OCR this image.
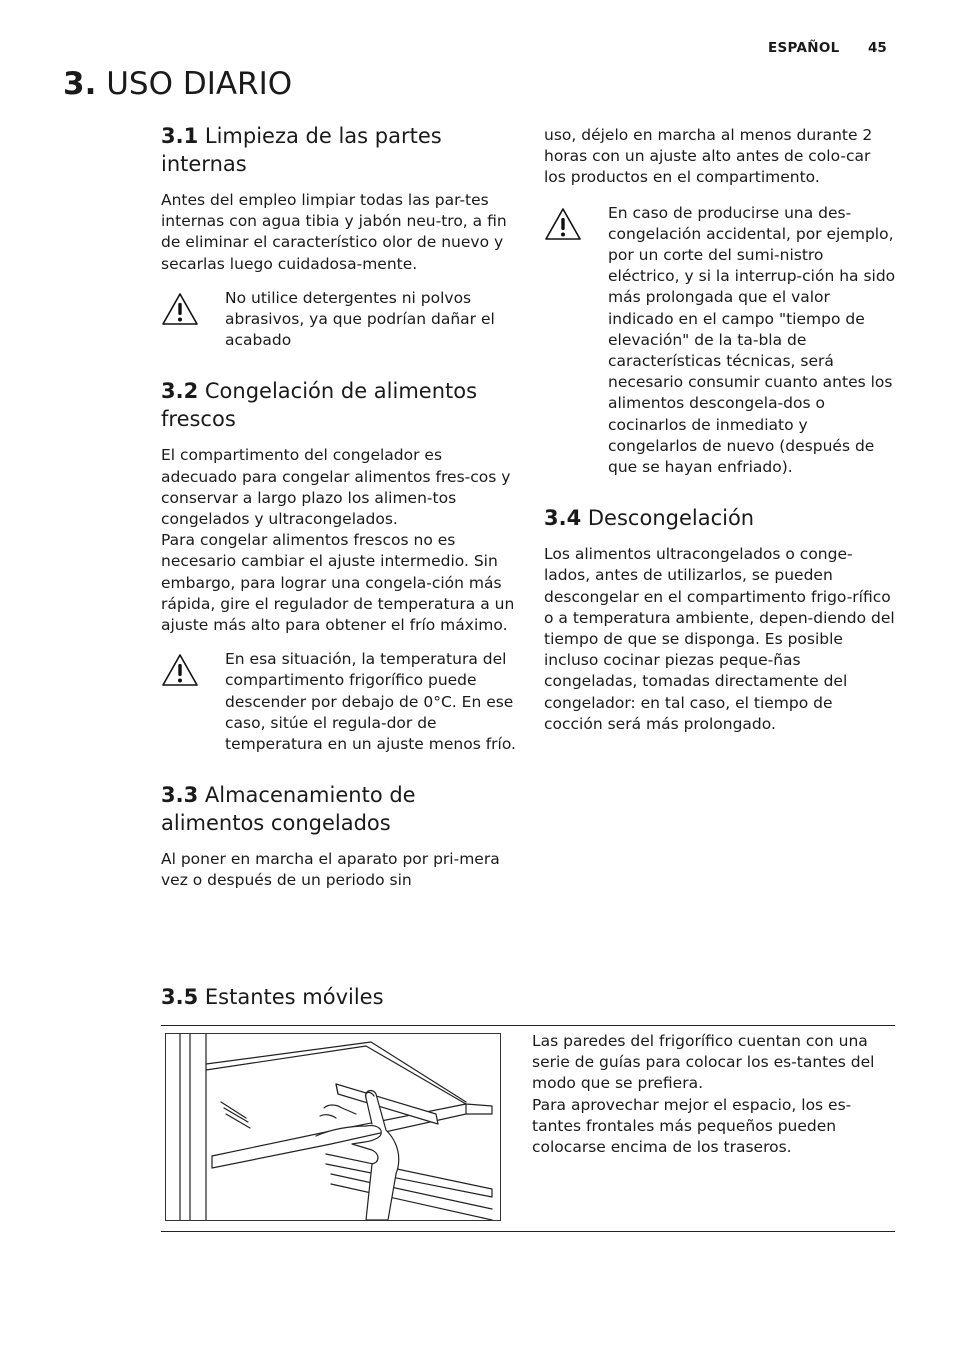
ESPAÑOL 45
3. USO DIARIO
3.1 Limpieza de las partes internas

Antes del empleo limpiar todas las par-tes internas con agua tibia y jabón neu-tro, a fin de eliminar el característico olor de nuevo y secarlas luego cuidadosa-mente.

No utilice detergentes ni polvos abrasivos, ya que podrían dañar el acabado

3.2 Congelación de alimentos frescos

El compartimento del congelador es adecuado para congelar alimentos fres-cos y conservar a largo plazo los alimen-tos congelados y ultracongelados.

Para congelar alimentos frescos no es necesario cambiar el ajuste intermedio. Sin embargo, para lograr una congela-ción más rápida, gire el regulador de temperatura a un ajuste más alto para obtener el frío máximo.

En esa situación, la temperatura del compartimento frigorífico puede descender por debajo de 0°C. En ese caso, sitúe el regula-dor de temperatura en un ajuste menos frío.

3.3 Almacenamiento de alimentos congelados

Al poner en marcha el aparato por pri-mera vez o después de un periodo sin

uso, déjelo en marcha al menos durante 2 horas con un ajuste alto antes de colo-car los productos en el compartimento.

En caso de producirse una des-congelación accidental, por ejemplo, por un corte del sumi-nistro eléctrico, y si la interrup-ción ha sido más prolongada que el valor indicado en el campo "tiempo de elevación" de la ta-bla de características técnicas, será necesario consumir cuanto antes los alimentos descongela-dos o cocinarlos de inmediato y congelarlos de nuevo (después de que se hayan enfriado).

3.4 Descongelación

Los alimentos ultracongelados o conge-lados, antes de utilizarlos, se pueden descongelar en el compartimento frigo-rífico o a temperatura ambiente, depen-diendo del tiempo de que se disponga. Es posible incluso cocinar piezas peque-ñas congeladas, tomadas directamente del congelador: en tal caso, el tiempo de cocción será más prolongado.

3.5 Estantes móviles

Las paredes del frigorífico cuentan con una serie de guías para colocar los es-tantes del modo que se prefiera.

Para aprovechar mejor el espacio, los es-tantes frontales más pequeños pueden colocarse encima de los traseros.
